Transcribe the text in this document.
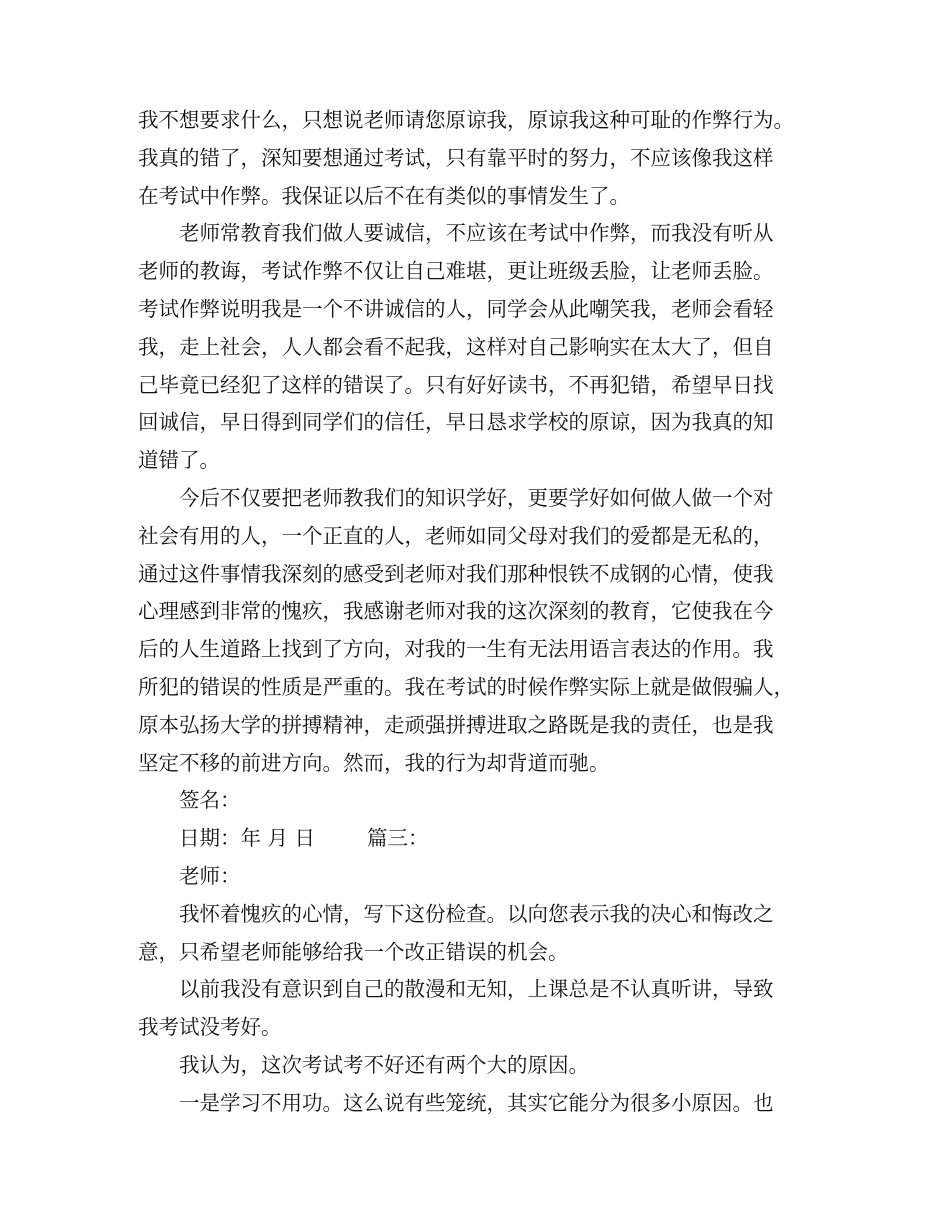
我不想要求什么，只想说老师请您原谅我，原谅我这种可耻的作弊行为。
我真的错了，深知要想通过考试，只有靠平时的努力，不应该像我这样
在考试中作弊。我保证以后不在有类似的事情发生了。
老师常教育我们做人要诚信，不应该在考试中作弊，而我没有听从
老师的教诲，考试作弊不仅让自己难堪，更让班级丢脸，让老师丢脸。
考试作弊说明我是一个不讲诚信的人，同学会从此嘲笑我，老师会看轻
我，走上社会，人人都会看不起我，这样对自己影响实在太大了，但自
己毕竟已经犯了这样的错误了。只有好好读书，不再犯错，希望早日找
回诚信，早日得到同学们的信任，早日恳求学校的原谅，因为我真的知
道错了。
今后不仅要把老师教我们的知识学好，更要学好如何做人做一个对
社会有用的人，一个正直的人，老师如同父母对我们的爱都是无私的，
通过这件事情我深刻的感受到老师对我们那种恨铁不成钢的心情，使我
心理感到非常的愧疚，我感谢老师对我的这次深刻的教育，它使我在今
后的人生道路上找到了方向，对我的一生有无法用语言表达的作用。我
所犯的错误的性质是严重的。我在考试的时候作弊实际上就是做假骗人，
原本弘扬大学的拼搏精神，走顽强拼搏进取之路既是我的责任，也是我
坚定不移的前进方向。然而，我的行为却背道而驰。
签名：
日期：年 月 日	篇三：
老师：
我怀着愧疚的心情，写下这份检查。以向您表示我的决心和悔改之
意，只希望老师能够给我一个改正错误的机会。
以前我没有意识到自己的散漫和无知，上课总是不认真听讲，导致
我考试没考好。
我认为，这次考试考不好还有两个大的原因。
一是学习不用功。这么说有些笼统，其实它能分为很多小原因。也
